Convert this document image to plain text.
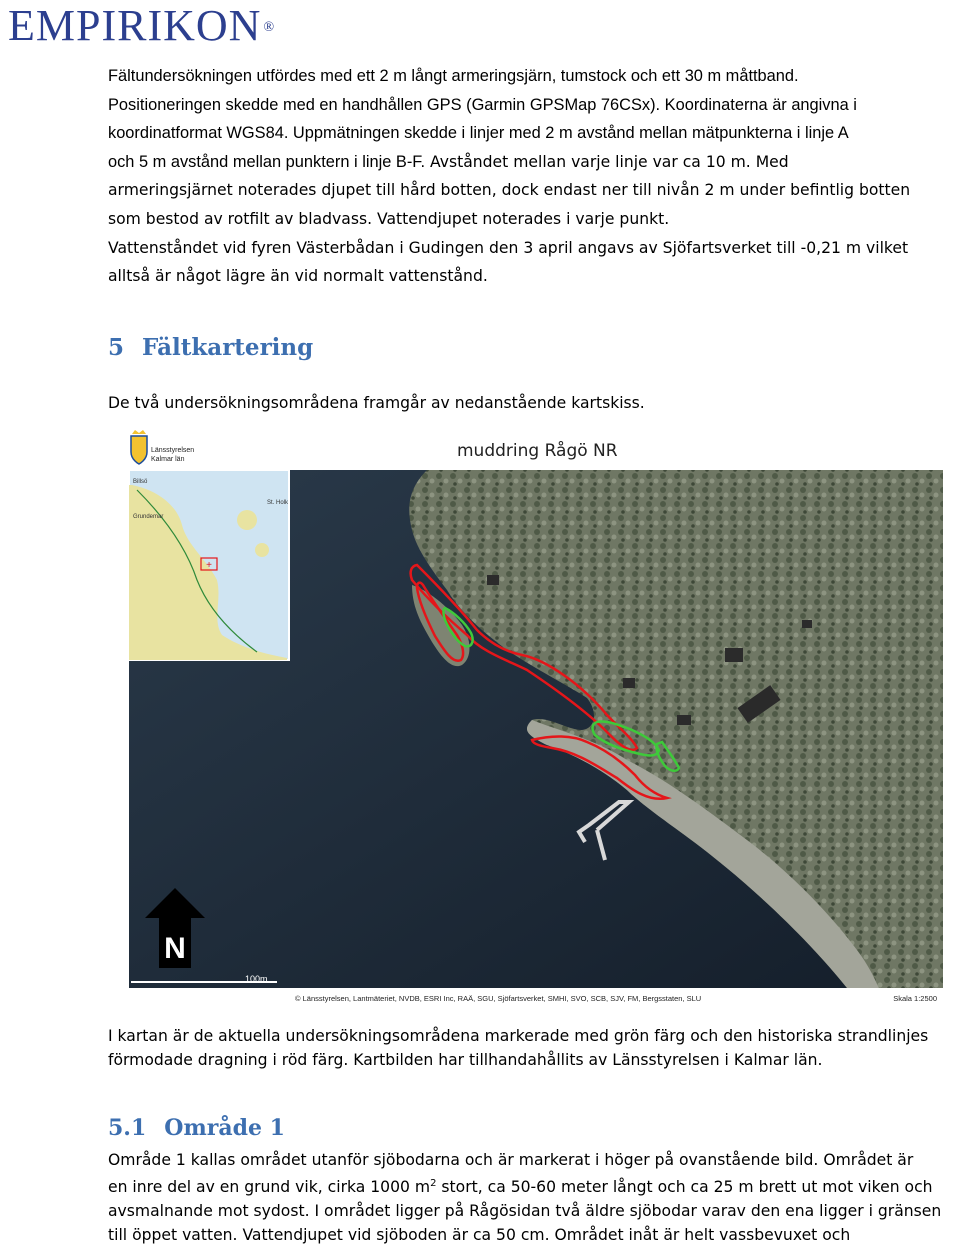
EMPIRIKON ®

Fältundersökningen utfördes med ett 2 m långt armeringsjärn, tumstock och ett 30 m måttband.

Positioneringen skedde med en handhållen GPS (Garmin GPSMap 76CSx). Koordinaterna är angivna i

koordinatformat WGS84. Uppmätningen skedde i linjer med 2 m avstånd mellan mätpunkterna i linje A

och 5 m avstånd mellan punktern i linje B-F. Avståndet mellan varje linje var ca 10 m. Med

armeringsjärnet noterades djupet till hård botten, dock endast ner till nivån 2 m under befintlig botten

som bestod av rotfilt av bladvass. Vattendjupet noterades i varje punkt.

Vattenståndet vid fyren Västerbådan i Gudingen den 3 april angavs av Sjöfartsverket till -0,21 m vilket

alltså är något lägre än vid normalt vattenstånd.

5 Fältkartering
De två undersökningsområdena framgår av nedanstående kartskiss.
+
Billsö
Grundemar
St. Holk
Länsstyrelsen
Kalmar län	muddring Rågö NR
N
100m
© Länsstyrelsen, Lantmäteriet, NVDB, ESRI Inc, RAÄ, SGU, Sjöfartsverket, SMHI, SVO, SCB, SJV, FM, Bergsstaten, SLU	Skala 1:2500
I kartan är de aktuella undersökningsområdena markerade med grön färg och den historiska strandlinjes
förmodade dragning i röd färg. Kartbilden har tillhandahållits av Länsstyrelsen i Kalmar län.
5.1 Område 1
Område 1 kallas området utanför sjöbodarna och är markerat i höger på ovanstående bild. Området är
en inre del av en grund vik, cirka 1000 $m^2$ stort, ca 50-60 meter långt och ca 25 m brett ut mot viken och
avsmalnande mot sydost. I området ligger på Rågösidan två äldre sjöbodar varav den ena ligger i gränsen
till öppet vatten. Vattendjupet vid sjöboden är ca 50 cm. Området inåt är helt vassbevuxet och
